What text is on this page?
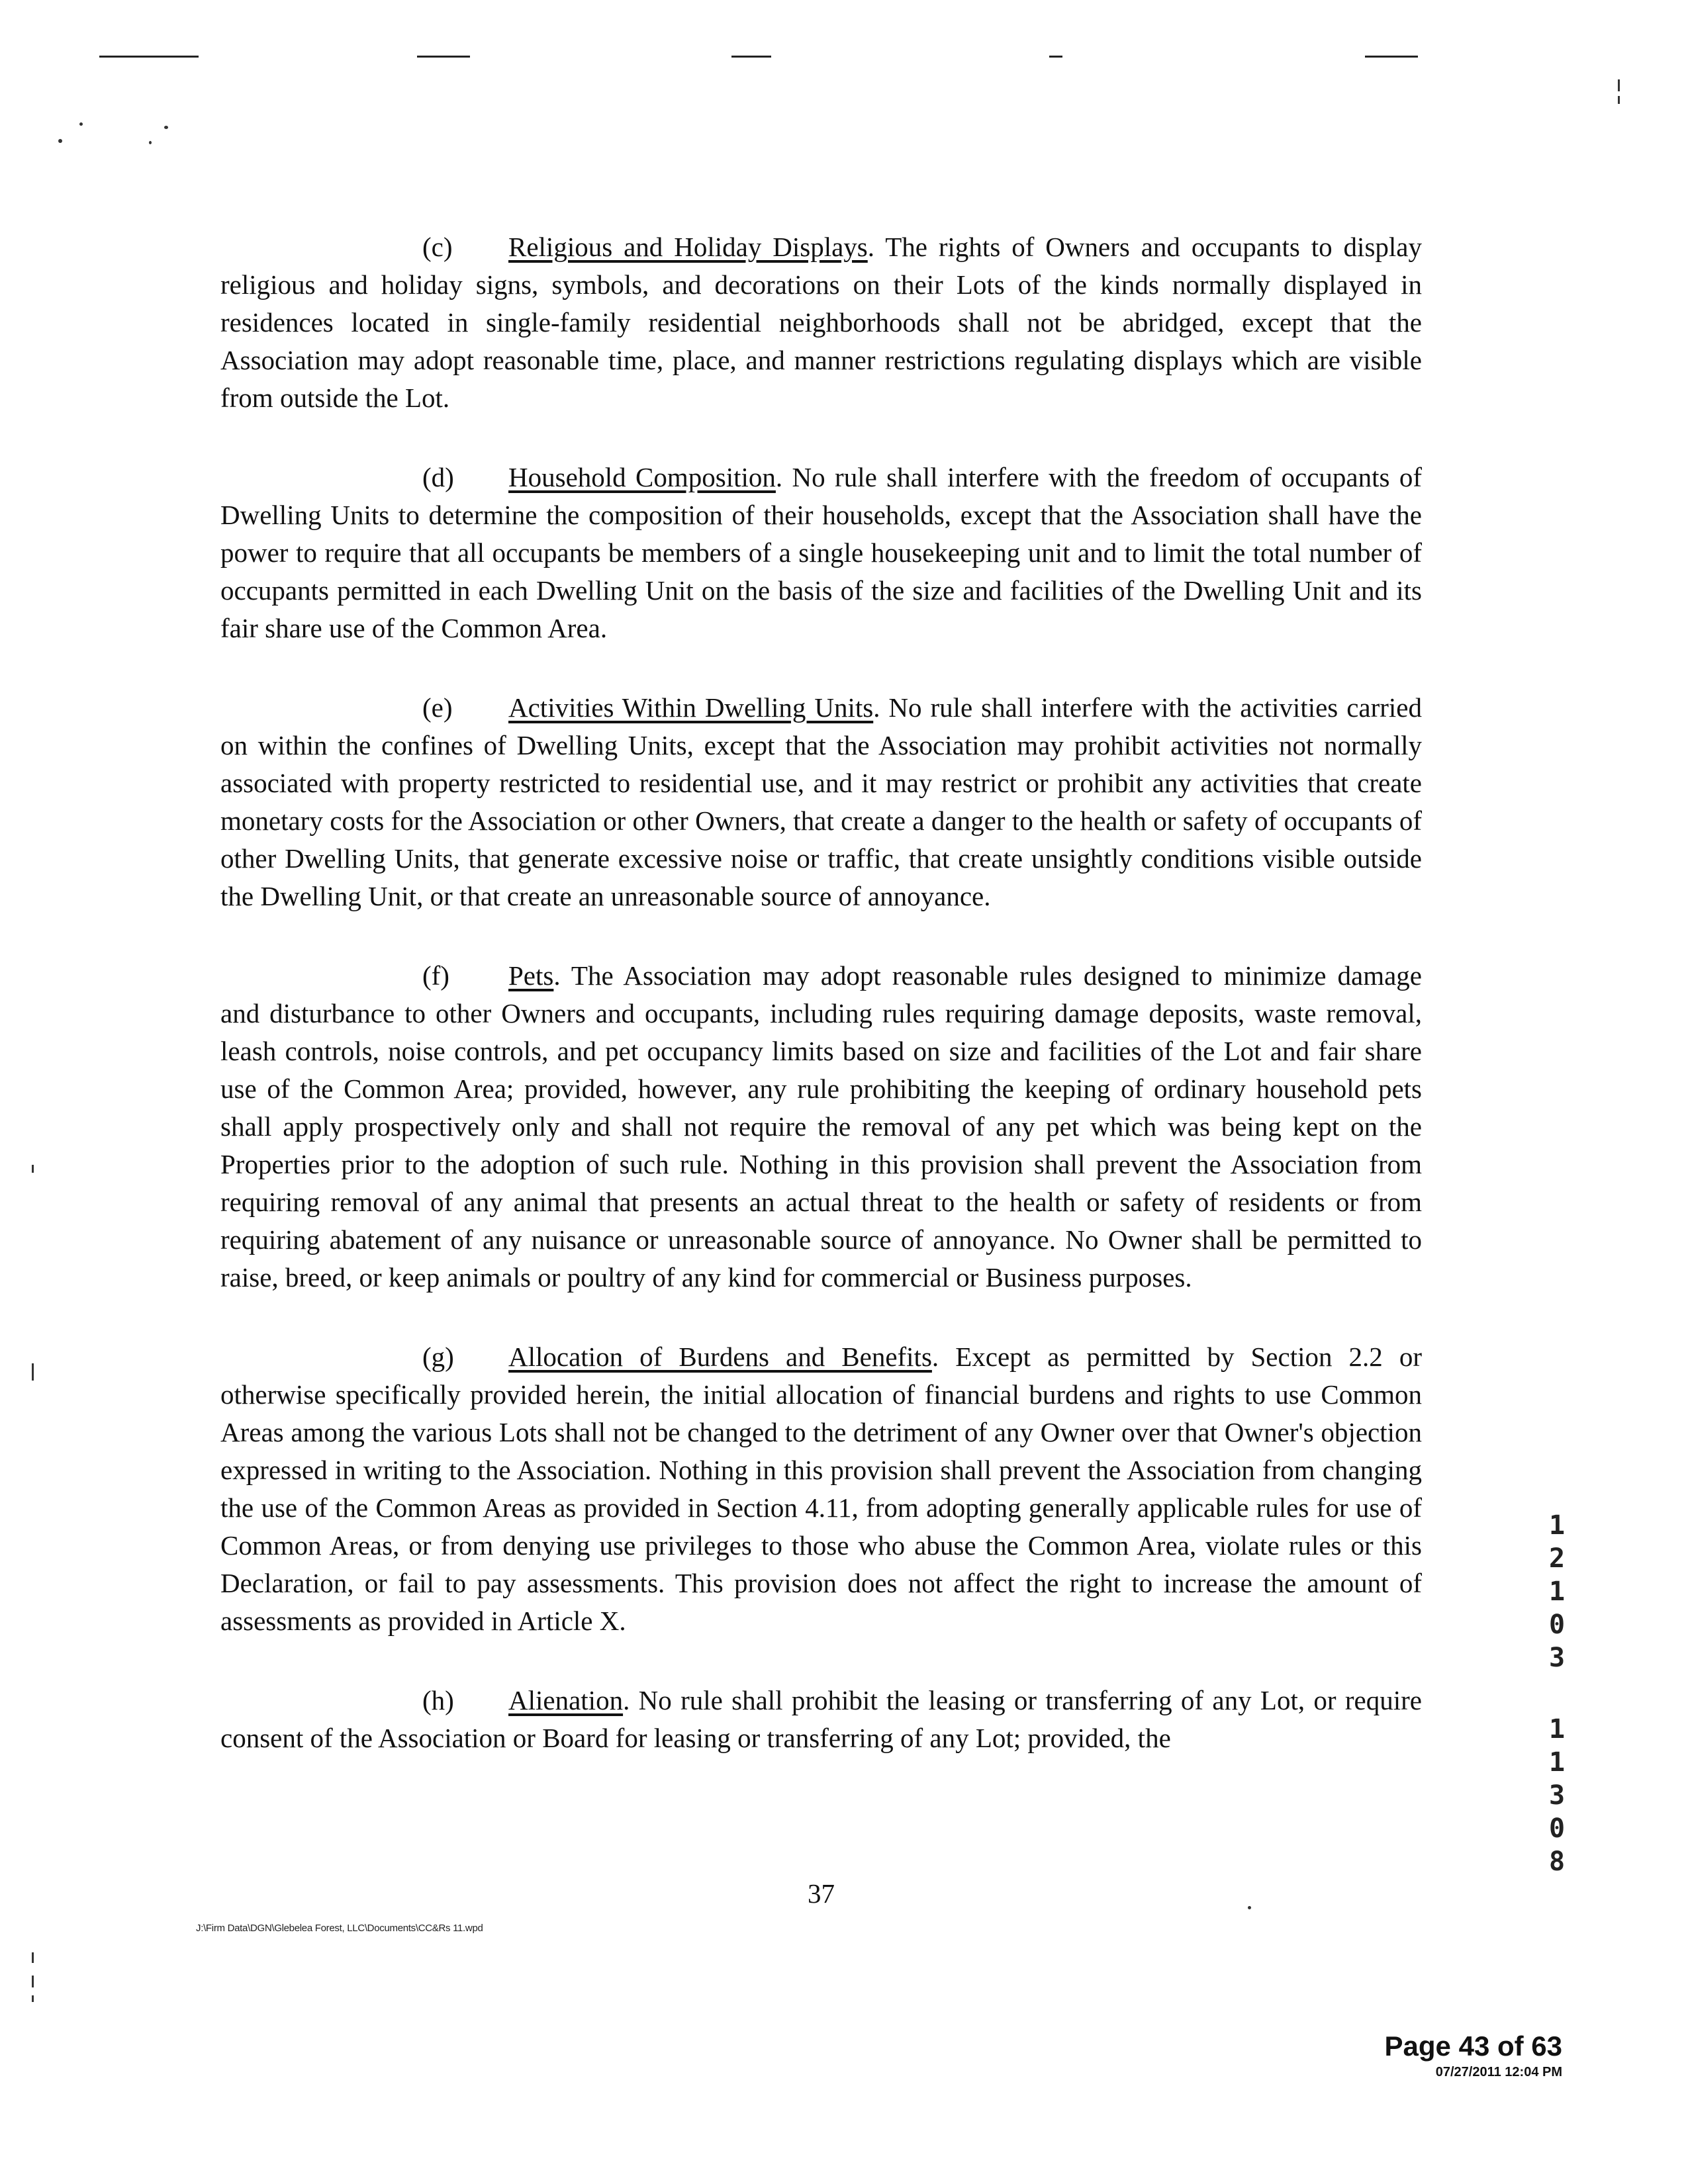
(c) Religious and Holiday Displays. The rights of Owners and occupants to display religious and holiday signs, symbols, and decorations on their Lots of the kinds normally displayed in residences located in single-family residential neighborhoods shall not be abridged, except that the Association may adopt reasonable time, place, and manner restrictions regulating displays which are visible from outside the Lot.

(d) Household Composition. No rule shall interfere with the freedom of occupants of Dwelling Units to determine the composition of their households, except that the Association shall have the power to require that all occupants be members of a single housekeeping unit and to limit the total number of occupants permitted in each Dwelling Unit on the basis of the size and facilities of the Dwelling Unit and its fair share use of the Common Area.

(e) Activities Within Dwelling Units. No rule shall interfere with the activities carried on within the confines of Dwelling Units, except that the Association may prohibit activities not normally associated with property restricted to residential use, and it may restrict or prohibit any activities that create monetary costs for the Association or other Owners, that create a danger to the health or safety of occupants of other Dwelling Units, that generate excessive noise or traffic, that create unsightly conditions visible outside the Dwelling Unit, or that create an unreasonable source of annoyance.

(f) Pets. The Association may adopt reasonable rules designed to minimize damage and disturbance to other Owners and occupants, including rules requiring damage deposits, waste removal, leash controls, noise controls, and pet occupancy limits based on size and facilities of the Lot and fair share use of the Common Area; provided, however, any rule prohibiting the keeping of ordinary household pets shall apply prospectively only and shall not require the removal of any pet which was being kept on the Properties prior to the adoption of such rule. Nothing in this provision shall prevent the Association from requiring removal of any animal that presents an actual threat to the health or safety of residents or from requiring abatement of any nuisance or unreasonable source of annoyance. No Owner shall be permitted to raise, breed, or keep animals or poultry of any kind for commercial or Business purposes.

(g) Allocation of Burdens and Benefits. Except as permitted by Section 2.2 or otherwise specifically provided herein, the initial allocation of financial burdens and rights to use Common Areas among the various Lots shall not be changed to the detriment of any Owner over that Owner's objection expressed in writing to the Association. Nothing in this provision shall prevent the Association from changing the use of the Common Areas as provided in Section 4.11, from adopting generally applicable rules for use of Common Areas, or from denying use privileges to those who abuse the Common Area, violate rules or this Declaration, or fail to pay assessments. This provision does not affect the right to increase the amount of assessments as provided in Article X.

(h) Alienation. No rule shall prohibit the leasing or transferring of any Lot, or require consent of the Association or Board for leasing or transferring of any Lot; provided, the

J:\Firm Data\DGN\Glebelea Forest, LLC\Documents\CC&Rs 11.wpd
37
1
2
1
0
3
1
1
3
0
8
Page 43 of 63
07/27/2011 12:04 PM
